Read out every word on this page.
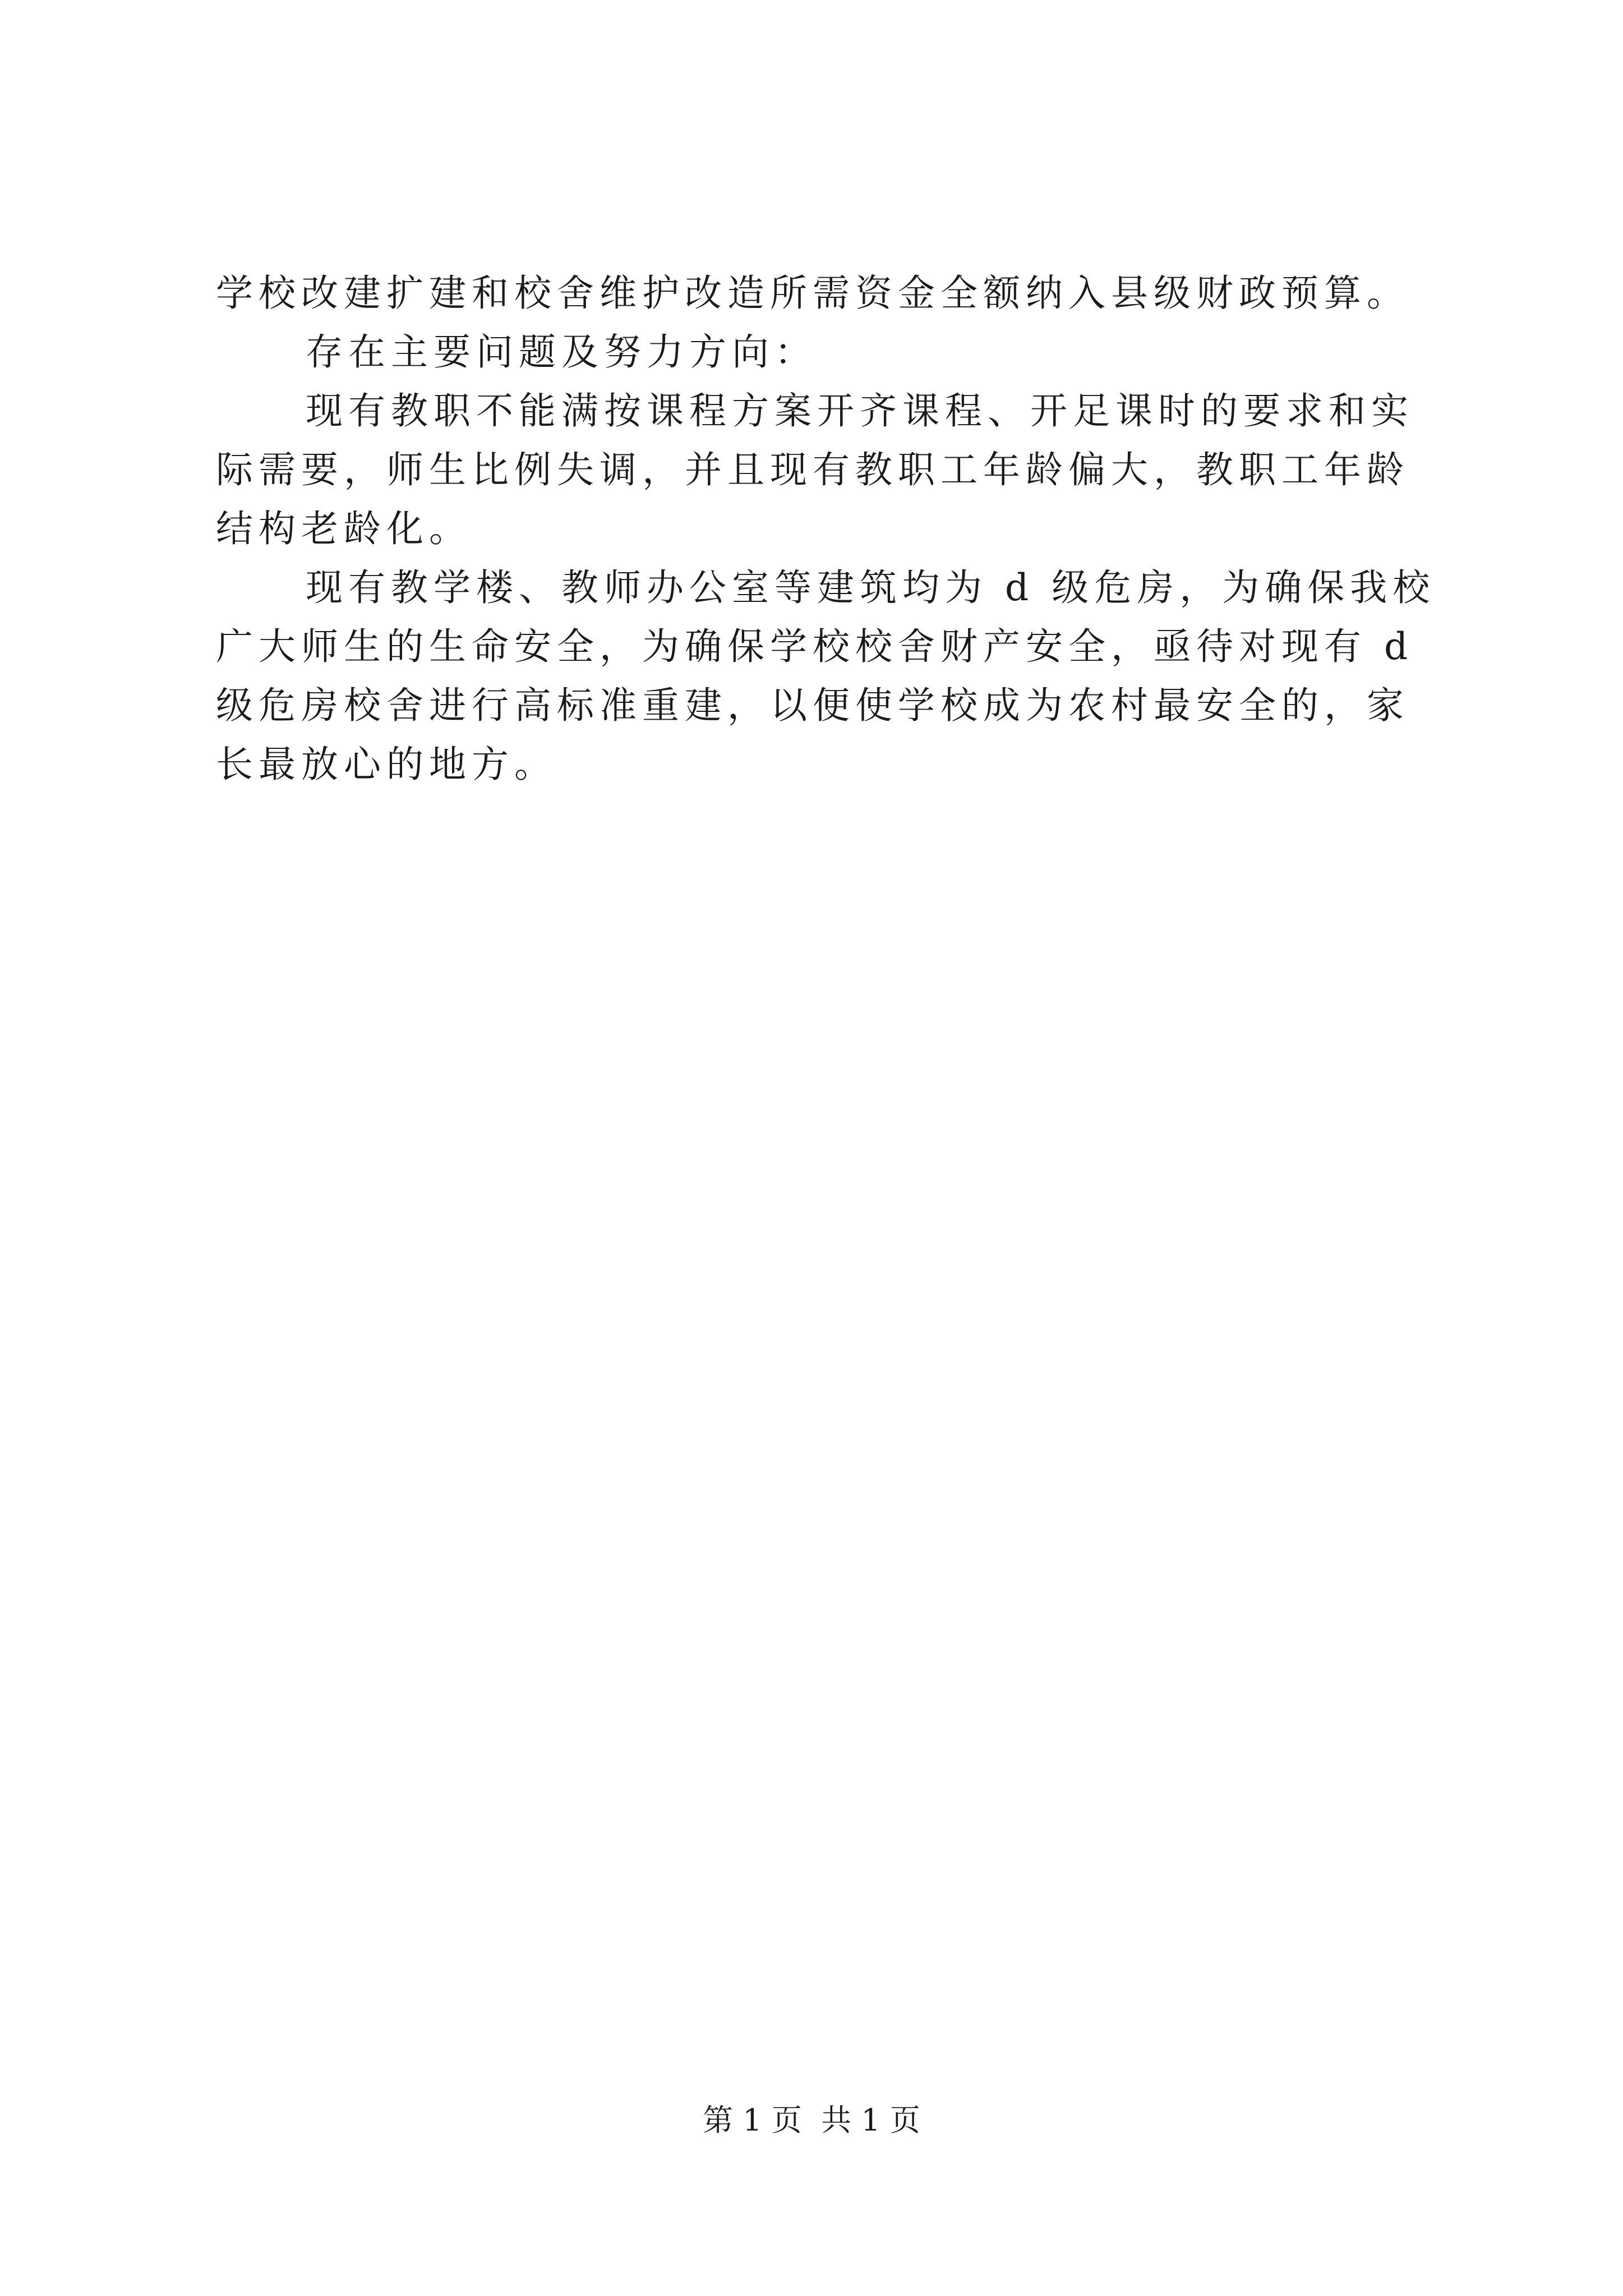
学校改建扩建和校舍维护改造所需资金全额纳入县级财政预算。
存在主要问题及努力方向：
现有教职不能满按课程方案开齐课程、开足课时的要求和实
际需要，师生比例失调，并且现有教职工年龄偏大，教职工年龄
结构老龄化。
现有教学楼、教师办公室等建筑均为 d 级危房，为确保我校
广大师生的生命安全，为确保学校校舍财产安全，亟待对现有 d
级危房校舍进行高标准重建，以便使学校成为农村最安全的，家
长最放心的地方。
第 1 页  共 1 页
